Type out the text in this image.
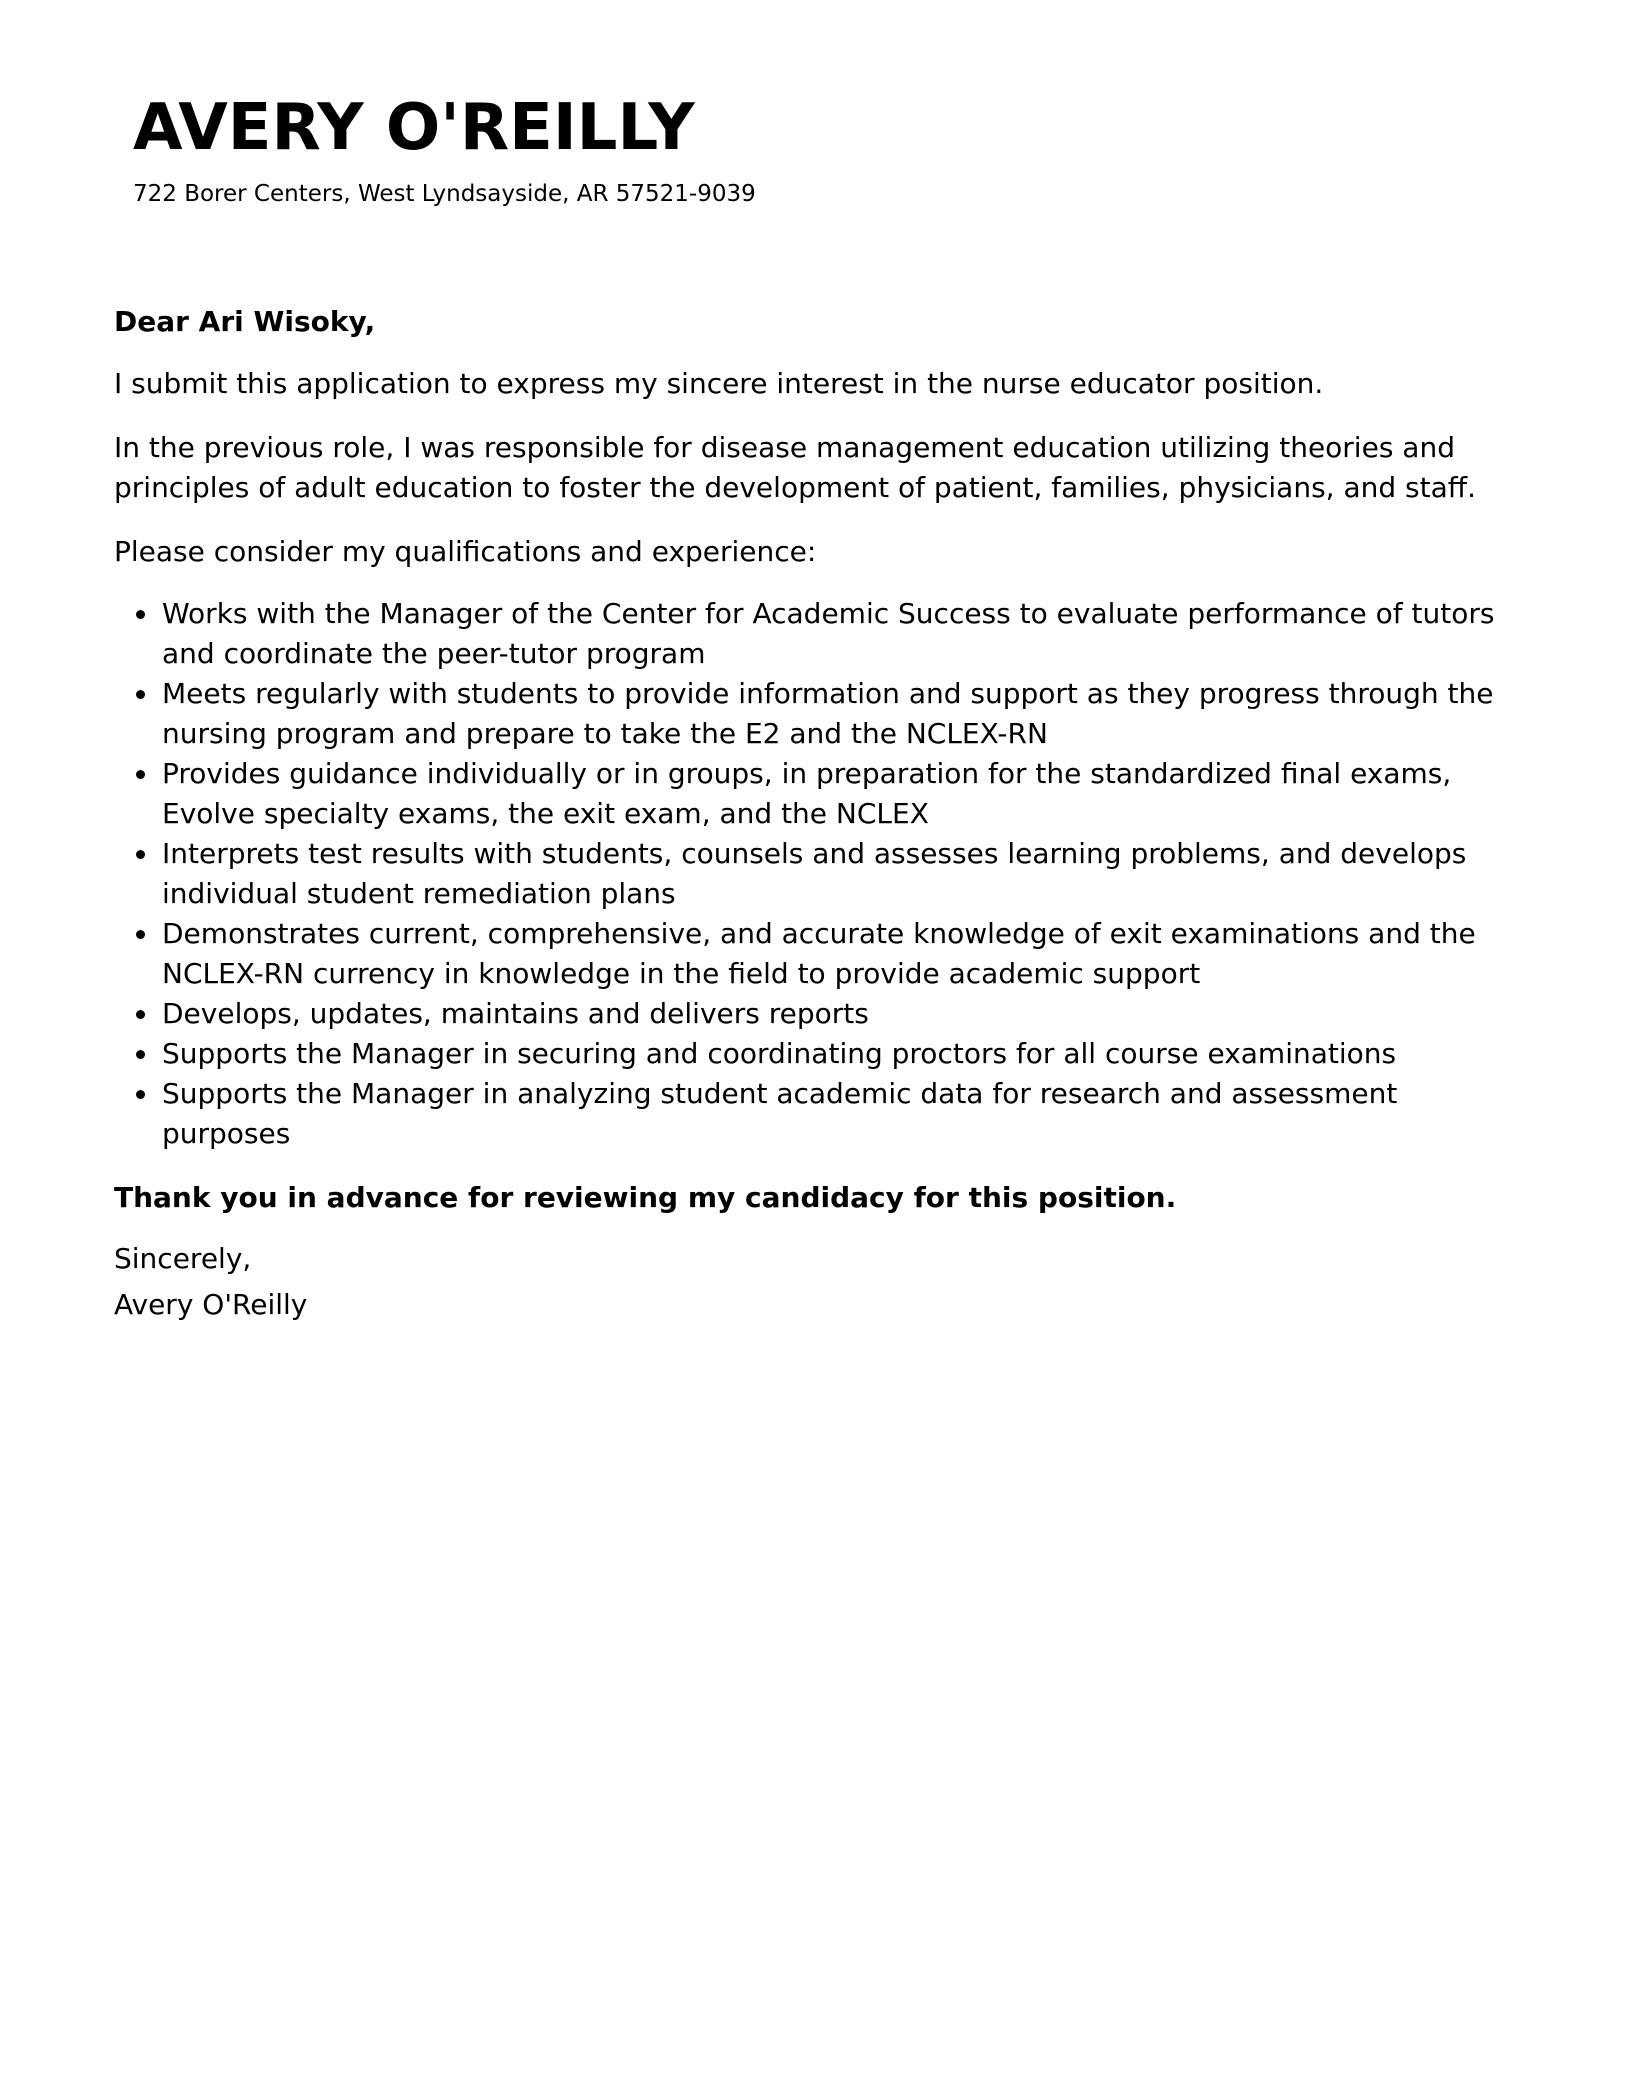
AVERY O'REILLY

722 Borer Centers, West Lyndsayside, AR 57521-9039

Dear Ari Wisoky,

I submit this application to express my sincere interest in the nurse educator position.

In the previous role, I was responsible for disease management education utilizing theories and principles of adult education to foster the development of patient, families, physicians, and staff.

Please consider my qualifications and experience:

Works with the Manager of the Center for Academic Success to evaluate performance of tutors and coordinate the peer-tutor program
Meets regularly with students to provide information and support as they progress through the nursing program and prepare to take the E2 and the NCLEX-RN
Provides guidance individually or in groups, in preparation for the standardized final exams, Evolve specialty exams, the exit exam, and the NCLEX
Interprets test results with students, counsels and assesses learning problems, and develops individual student remediation plans
Demonstrates current, comprehensive, and accurate knowledge of exit examinations and the NCLEX-RN currency in knowledge in the field to provide academic support
Develops, updates, maintains and delivers reports
Supports the Manager in securing and coordinating proctors for all course examinations
Supports the Manager in analyzing student academic data for research and assessment purposes

Thank you in advance for reviewing my candidacy for this position.

Sincerely,
Avery O'Reilly
